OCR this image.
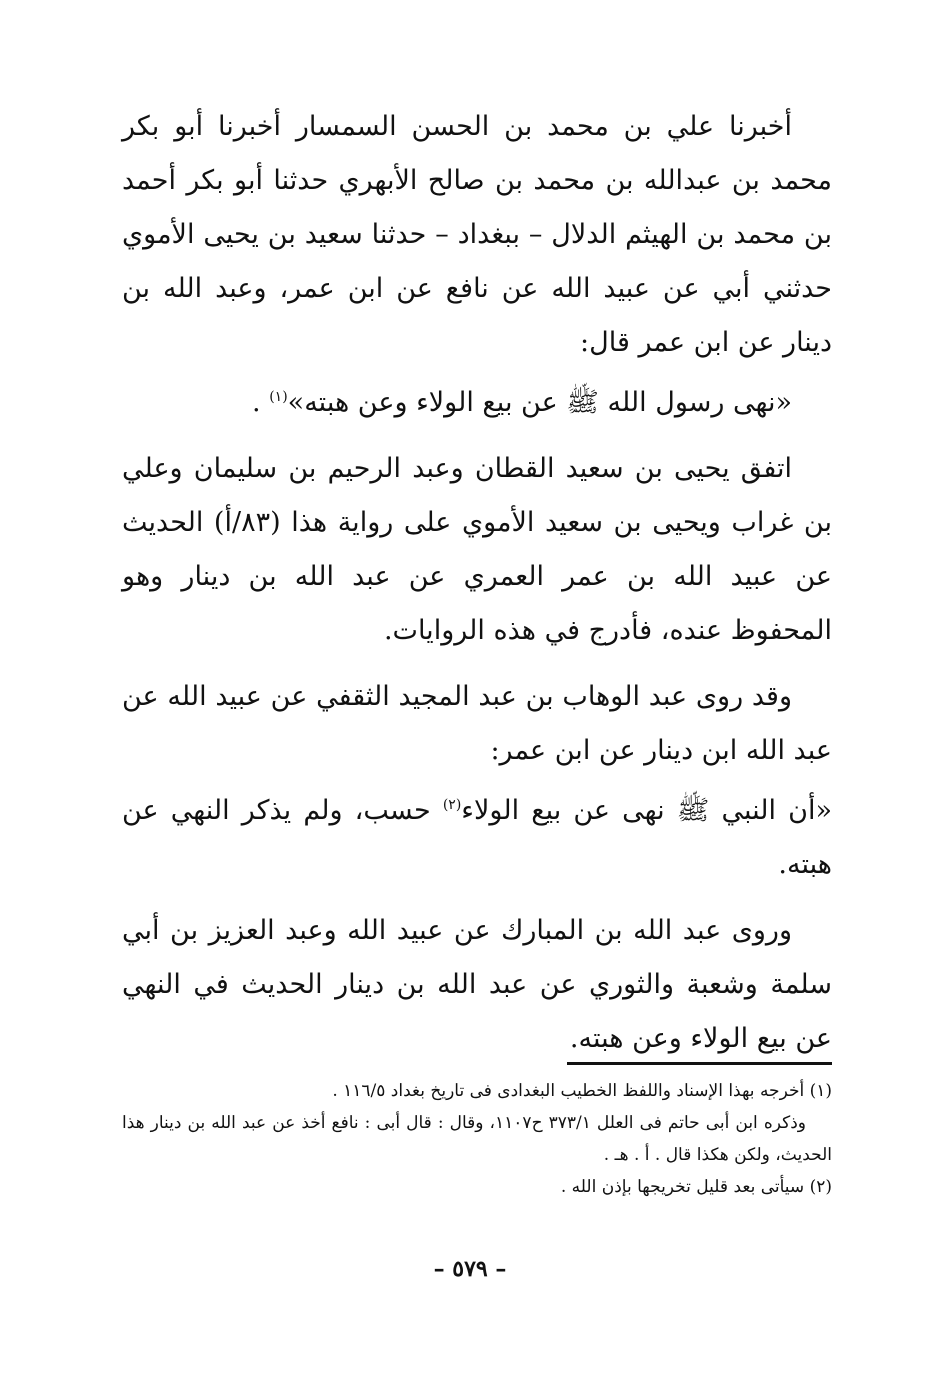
أخبرنا علي بن محمد بن الحسن السمسار أخبرنا أبو بكر محمد بن عبدالله بن محمد بن صالح الأبهري حدثنا أبو بكر أحمد بن محمد بن الهيثم الدلال – ببغداد – حدثنا سعيد بن يحيى الأموي حدثني أبي عن عبيد الله عن نافع عن ابن عمر، وعبد الله بن دينار عن ابن عمر قال:

«نهى رسول الله ﷺ عن بيع الولاء وعن هبته»$^{(١)}$ .

اتفق يحيى بن سعيد القطان وعبد الرحيم بن سليمان وعلي بن غراب ويحيى بن سعيد الأموي على رواية هذا (٨٣/أ) الحديث عن عبيد الله بن عمر العمري عن عبد الله بن دينار وهو المحفوظ عنده، فأدرج في هذه الروايات.

وقد روى عبد الوهاب بن عبد المجيد الثقفي عن عبيد الله عن عبد الله ابن دينار عن ابن عمر:

«أن النبي ﷺ نهى عن بيع الولاء$^{(٢)}$ حسب، ولم يذكر النهي عن هبته.

وروى عبد الله بن المبارك عن عبيد الله وعبد العزيز بن أبي سلمة وشعبة والثوري عن عبد الله بن دينار الحديث في النهي عن بيع الولاء وعن هبته.

(١) أخرجه بهذا الإسناد واللفظ الخطيب البغدادى فى تاريخ بغداد ١١٦/٥ .

وذكره ابن أبى حاتم فى العلل ٣٧٣/١ ح١١٠٧، وقال : قال أبى : نافع أخذ عن عبد الله بن دينار هذا الحديث، ولكن هكذا قال . أ . هـ .

(٢) سيأتى بعد قليل تخريجها بإذن الله .

– ٥٧٩ –
